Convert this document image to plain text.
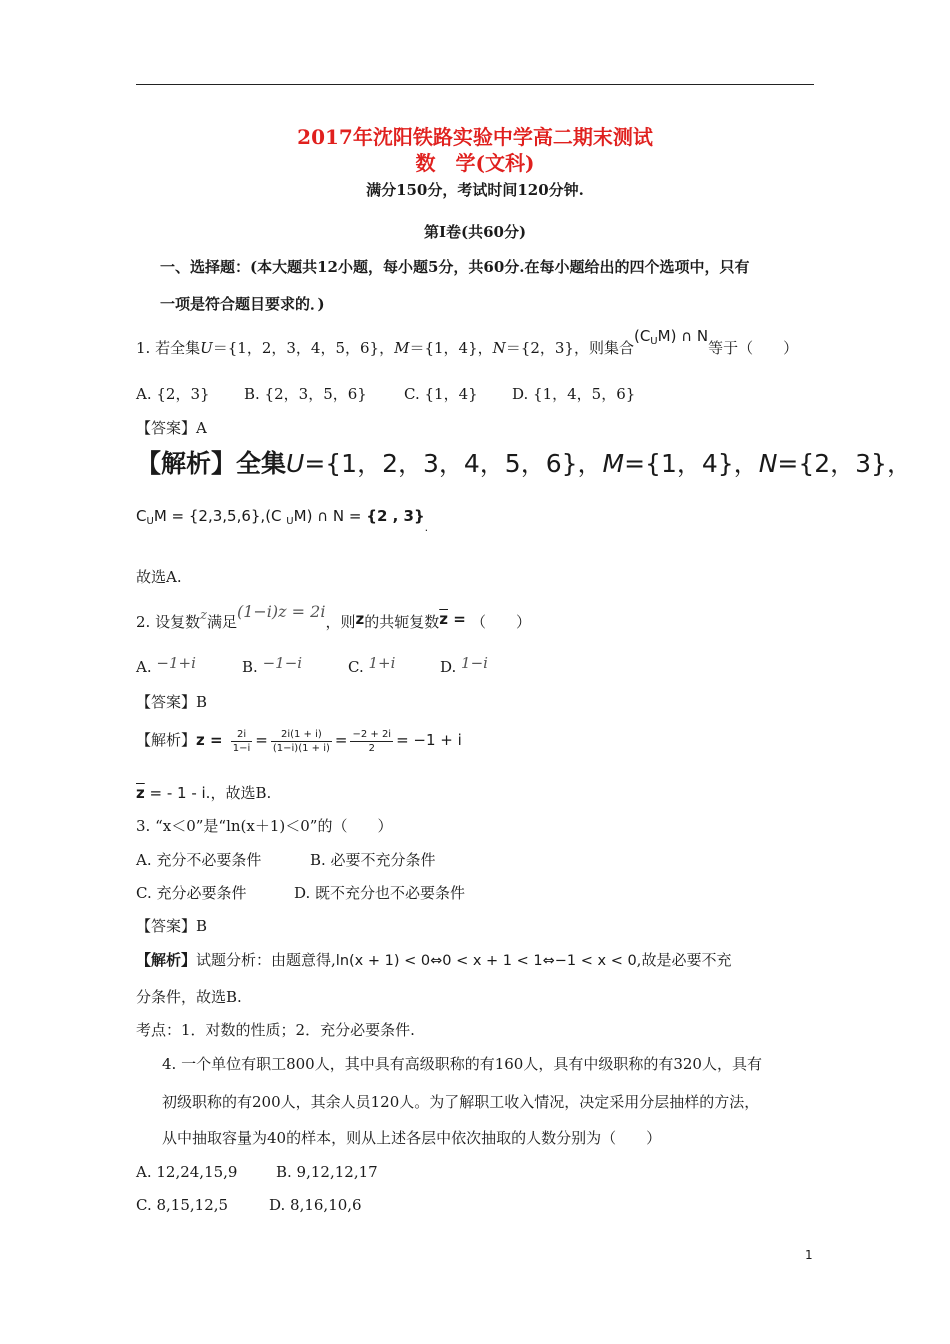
2017年沈阳铁路实验中学高二期末测试
数　学(文科)
满分150分，考试时间120分钟.
第Ⅰ卷(共60分)
一、选择题：(本大题共12小题，每小题5分，共60分.在每小题给出的四个选项中，只有
一项是符合题目要求的．)
1. 若全集U＝{1，2，3，4，5，6}，M＝{1，4}，N＝{2，3}，则集合$(C_UM)$ ∩ N等于（　　）
A. {2，3} B. {2，3，5，6} C. {1，4} D. {1，4，5，6}
【答案】A
【解析】全集U={1，2，3，4，5，6}，M={1，4}，N={2，3}，
$C_UM = \{2,3,5,6\},(C$ $_U$M) ∩ N = {2 , $3\}_.$
故选A.
2. 设复数z满足(1−i)z = 2i，则z的共轭复数$\overline{z}$ = （　　）
A. −1+i	B. −1−i	C. 1+i	D. 1−i
【答案】B
【解析】$z = \frac{2i}{1-i} = \frac{2i(1 + i)}{(1-i)(1 + i)} = \frac{-2 + 2i}{2} = -1 + i$
$\overline{z}$ = - 1 - i.，故选B.
3. “x＜0”是“ln(x＋1)＜0”的（　　）
A. 充分不必要条件	B. 必要不充分条件
C. 充分必要条件	D. 既不充分也不必要条件
【答案】B
【解析】试题分析：由题意得,ln(x + 1) < 0⇔0 < x + 1 < 1⇔−1 < x < 0,故是必要不充
分条件，故选B.
考点：1．对数的性质；2．充分必要条件.
4. 一个单位有职工800人，其中具有高级职称的有160人，具有中级职称的有320人，具有
初级职称的有200人，其余人员120人。为了解职工收入情况，决定采用分层抽样的方法，
从中抽取容量为40的样本，则从上述各层中依次抽取的人数分别为（　　）
A. 12,24,15,9	B. 9,12,12,17
C. 8,15,12,5	D. 8,16,10,6
1
